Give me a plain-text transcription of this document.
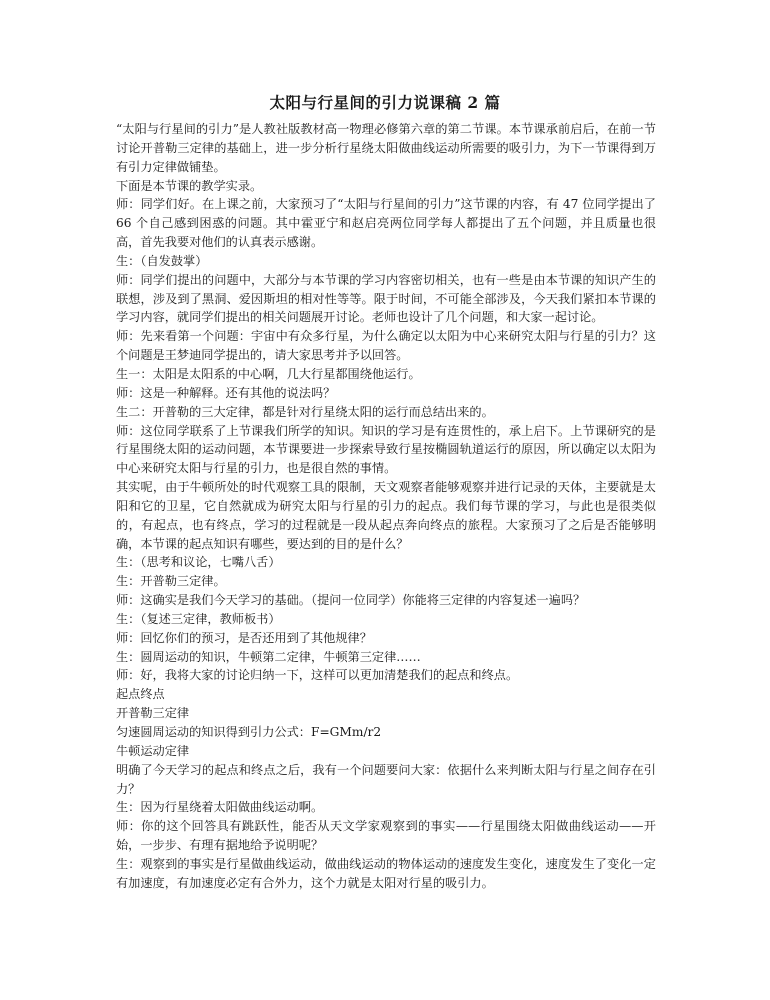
太阳与行星间的引力说课稿 2 篇

“太阳与行星间的引力”是人教社版教材高一物理必修第六章的第二节课。本节课承前启后，在前一节讨论开普勒三定律的基础上，进一步分析行星绕太阳做曲线运动所需要的吸引力，为下一节课得到万有引力定律做铺垫。

下面是本节课的教学实录。

师：同学们好。在上课之前，大家预习了“太阳与行星间的引力”这节课的内容，有 47 位同学提出了 66 个自己感到困惑的问题。其中霍亚宁和赵启亮两位同学每人都提出了五个问题，并且质量也很高，首先我要对他们的认真表示感谢。

生：（自发鼓掌）

师：同学们提出的问题中，大部分与本节课的学习内容密切相关，也有一些是由本节课的知识产生的联想，涉及到了黑洞、爱因斯坦的相对性等等。限于时间，不可能全部涉及，今天我们紧扣本节课的学习内容，就同学们提出的相关问题展开讨论。老师也设计了几个问题，和大家一起讨论。

师：先来看第一个问题：宇宙中有众多行星，为什么确定以太阳为中心来研究太阳与行星的引力？这个问题是王梦迪同学提出的，请大家思考并予以回答。

生一：太阳是太阳系的中心啊，几大行星都围绕他运行。

师：这是一种解释。还有其他的说法吗？

生二：开普勒的三大定律，都是针对行星绕太阳的运行而总结出来的。

师：这位同学联系了上节课我们所学的知识。知识的学习是有连贯性的，承上启下。上节课研究的是行星围绕太阳的运动问题，本节课要进一步探索导致行星按椭圆轨道运行的原因，所以确定以太阳为中心来研究太阳与行星的引力，也是很自然的事情。

其实呢，由于牛顿所处的时代观察工具的限制，天文观察者能够观察并进行记录的天体，主要就是太阳和它的卫星，它自然就成为研究太阳与行星的引力的起点。我们每节课的学习，与此也是很类似的，有起点，也有终点，学习的过程就是一段从起点奔向终点的旅程。大家预习了之后是否能够明确，本节课的起点知识有哪些，要达到的目的是什么？

生：（思考和议论，七嘴八舌）

生：开普勒三定律。

师：这确实是我们今天学习的基础。（提问一位同学）你能将三定律的内容复述一遍吗？

生：（复述三定律，教师板书）

师：回忆你们的预习，是否还用到了其他规律？

生：圆周运动的知识，牛顿第二定律，牛顿第三定律……

师：好，我将大家的讨论归纳一下，这样可以更加清楚我们的起点和终点。

起点终点

开普勒三定律

匀速圆周运动的知识得到引力公式：F=GMm/r2

牛顿运动定律

明确了今天学习的起点和终点之后，我有一个问题要问大家：依据什么来判断太阳与行星之间存在引力？

生：因为行星绕着太阳做曲线运动啊。

师：你的这个回答具有跳跃性，能否从天文学家观察到的事实——行星围绕太阳做曲线运动——开始，一步步、有理有据地给予说明呢？

生：观察到的事实是行星做曲线运动，做曲线运动的物体运动的速度发生变化，速度发生了变化一定有加速度，有加速度必定有合外力，这个力就是太阳对行星的吸引力。
